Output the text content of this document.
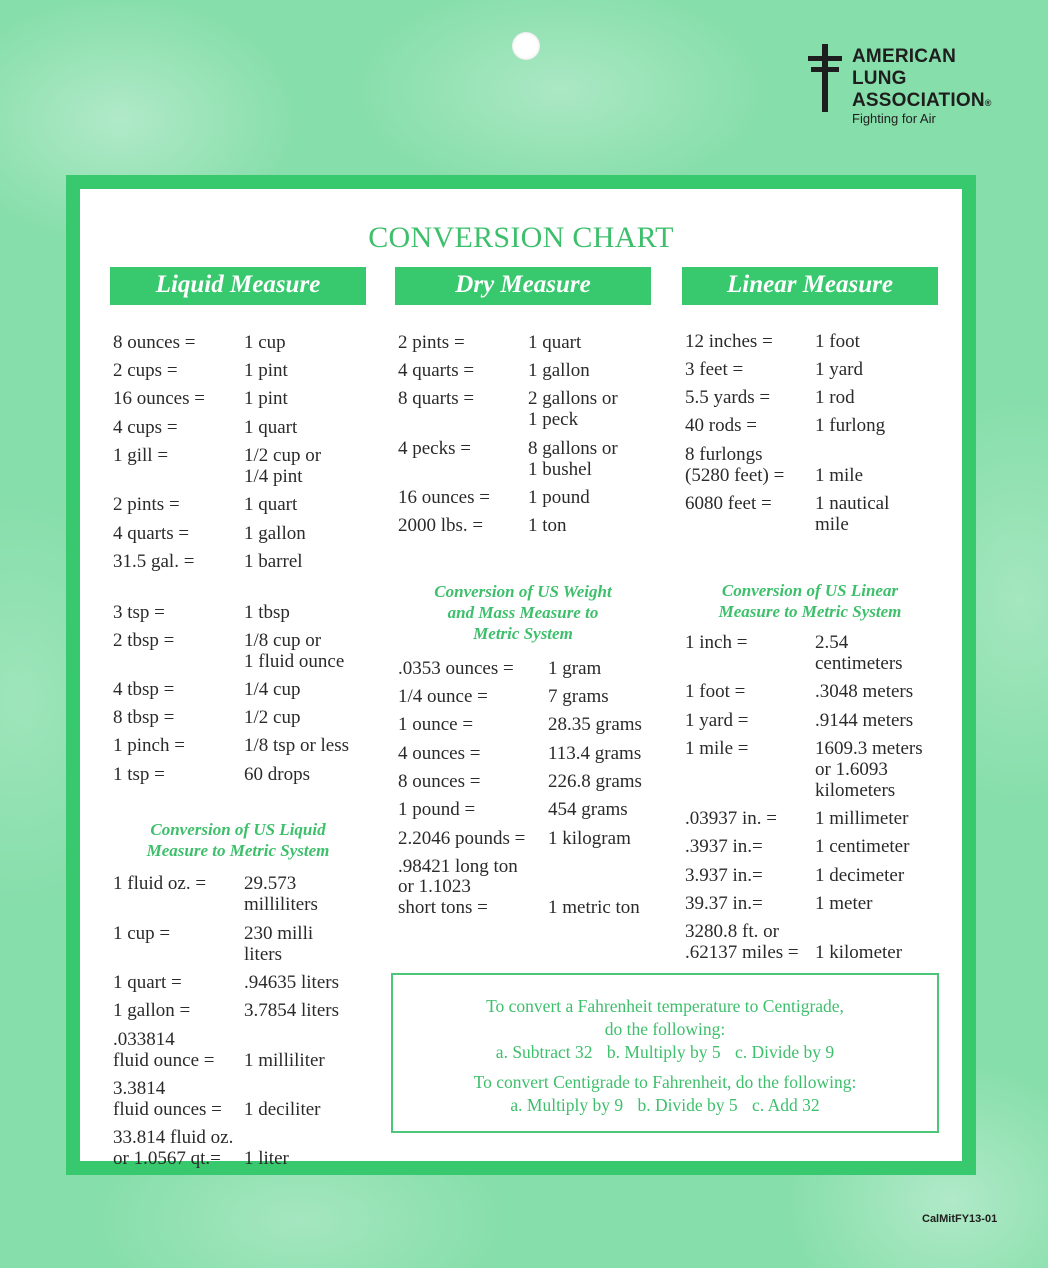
AMERICAN
LUNG
ASSOCIATION®
Fighting for Air
CONVERSION CHART
Liquid Measure
8 ounces =	1 cup
2 cups =	1 pint
16 ounces = 1 pint
4 cups =	1 quart
1 gill =	1/2 cup or
1/4 pint
2 pints =	1 quart
4 quarts =	1 gallon
31.5 gal. =	1 barrel
3 tsp =	1 tbsp
2 tbsp =	1/8 cup or
1 fluid ounce
4 tbsp =	1/4 cup
8 tbsp =	1/2 cup
1 pinch =	1/8 tsp or less
1 tsp =	60 drops
Conversion of US Liquid
Measure to Metric System
1 fluid oz. = 29.573
milliliters
1 cup =	230 milli
liters
1 quart =	.94635 liters
1 gallon =	3.7854 liters
.033814
fluid ounce = 1 milliliter
3.3814
fluid ounces = 1 deciliter
33.814 fluid oz.
or 1.0567 qt.= 1 liter
Dry Measure
2 pints =	1 quart
4 quarts =	1 gallon
8 quarts =	2 gallons or
1 peck
4 pecks =	8 gallons or
1 bushel
16 ounces = 1 pound
2000 lbs. = 1 ton
Conversion of US Weight
and Mass Measure to
Metric System
.0353 ounces = 1 gram
1/4 ounce =	7 grams
1 ounce =	28.35 grams
4 ounces =	113.4 grams
8 ounces =	226.8 grams
1 pound =	454 grams
2.2046 pounds = 1 kilogram
.98421 long ton
or 1.1023
short tons =	1 metric ton
Linear Measure
12 inches = 1 foot
3 feet =	1 yard
5.5 yards = 1 rod
40 rods =	1 furlong
8 furlongs
(5280 feet) = 1 mile
6080 feet = 1 nautical
mile
Conversion of US Linear
Measure to Metric System
1 inch =	2.54
centimeters
1 foot =	.3048 meters
1 yard =	.9144 meters
1 mile =	1609.3 meters
or 1.6093
kilometers
.03937 in. = 1 millimeter
.3937 in.=	1 centimeter
3.937 in.=	1 decimeter
39.37 in.=	1 meter
3280.8 ft. or
.62137 miles = 1 kilometer
To convert a Fahrenheit temperature to Centigrade,
do the following:
a. Subtract 32 b. Multiply by 5 c. Divide by 9
To convert Centigrade to Fahrenheit, do the following:
a. Multiply by 9 b. Divide by 5 c. Add 32
CalMitFY13-01
